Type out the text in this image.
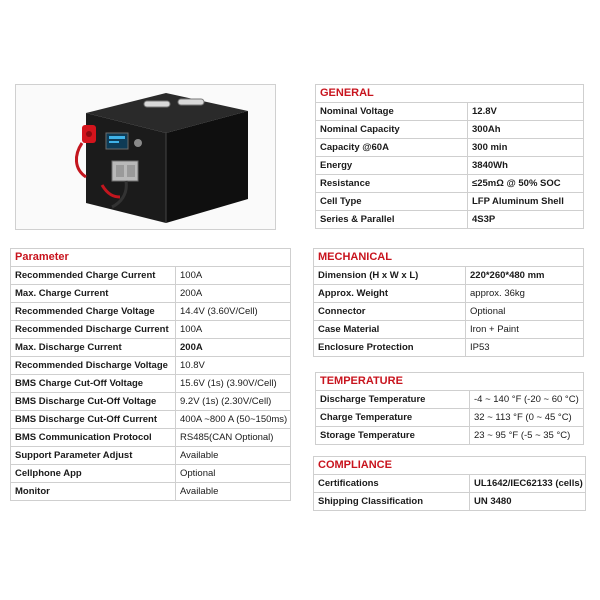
GENERAL	
Nominal Voltage	12.8V
Nominal Capacity	300Ah
Capacity @60A	300 min
Energy	3840Wh
Resistance	≤25mΩ @ 50% SOC
Cell Type	LFP Aluminum Shell
Series & Parallel	4S3P
Parameter	
Recommended Charge Current	100A
Max. Charge Current	200A
Recommended Charge Voltage	14.4V (3.60V/Cell)
Recommended Discharge Current	100A
Max. Discharge Current	200A
Recommended Discharge Voltage	10.8V
BMS Charge Cut-Off Voltage	15.6V (1s) (3.90V/Cell)
BMS Discharge Cut-Off Voltage	9.2V (1s) (2.30V/Cell)
BMS Discharge Cut-Off Current	400A ~800 A (50~150ms)
BMS Communication Protocol	RS485(CAN Optional)
Support Parameter Adjust	Available
Cellphone App	Optional
Monitor	Available
MECHANICAL	
Dimension (H x W x L)	220*260*480 mm
Approx. Weight	approx. 36kg
Connector	Optional
Case Material	Iron + Paint
Enclosure Protection	IP53
TEMPERATURE	
Discharge Temperature	-4 ~ 140 °F (-20 ~ 60 °C)
Charge Temperature	32 ~ 113 °F (0 ~ 45 °C)
Storage Temperature	23 ~ 95 °F (-5 ~ 35 °C)
COMPLIANCE	
Certifications	UL1642/IEC62133 (cells)
Shipping Classification	UN 3480
